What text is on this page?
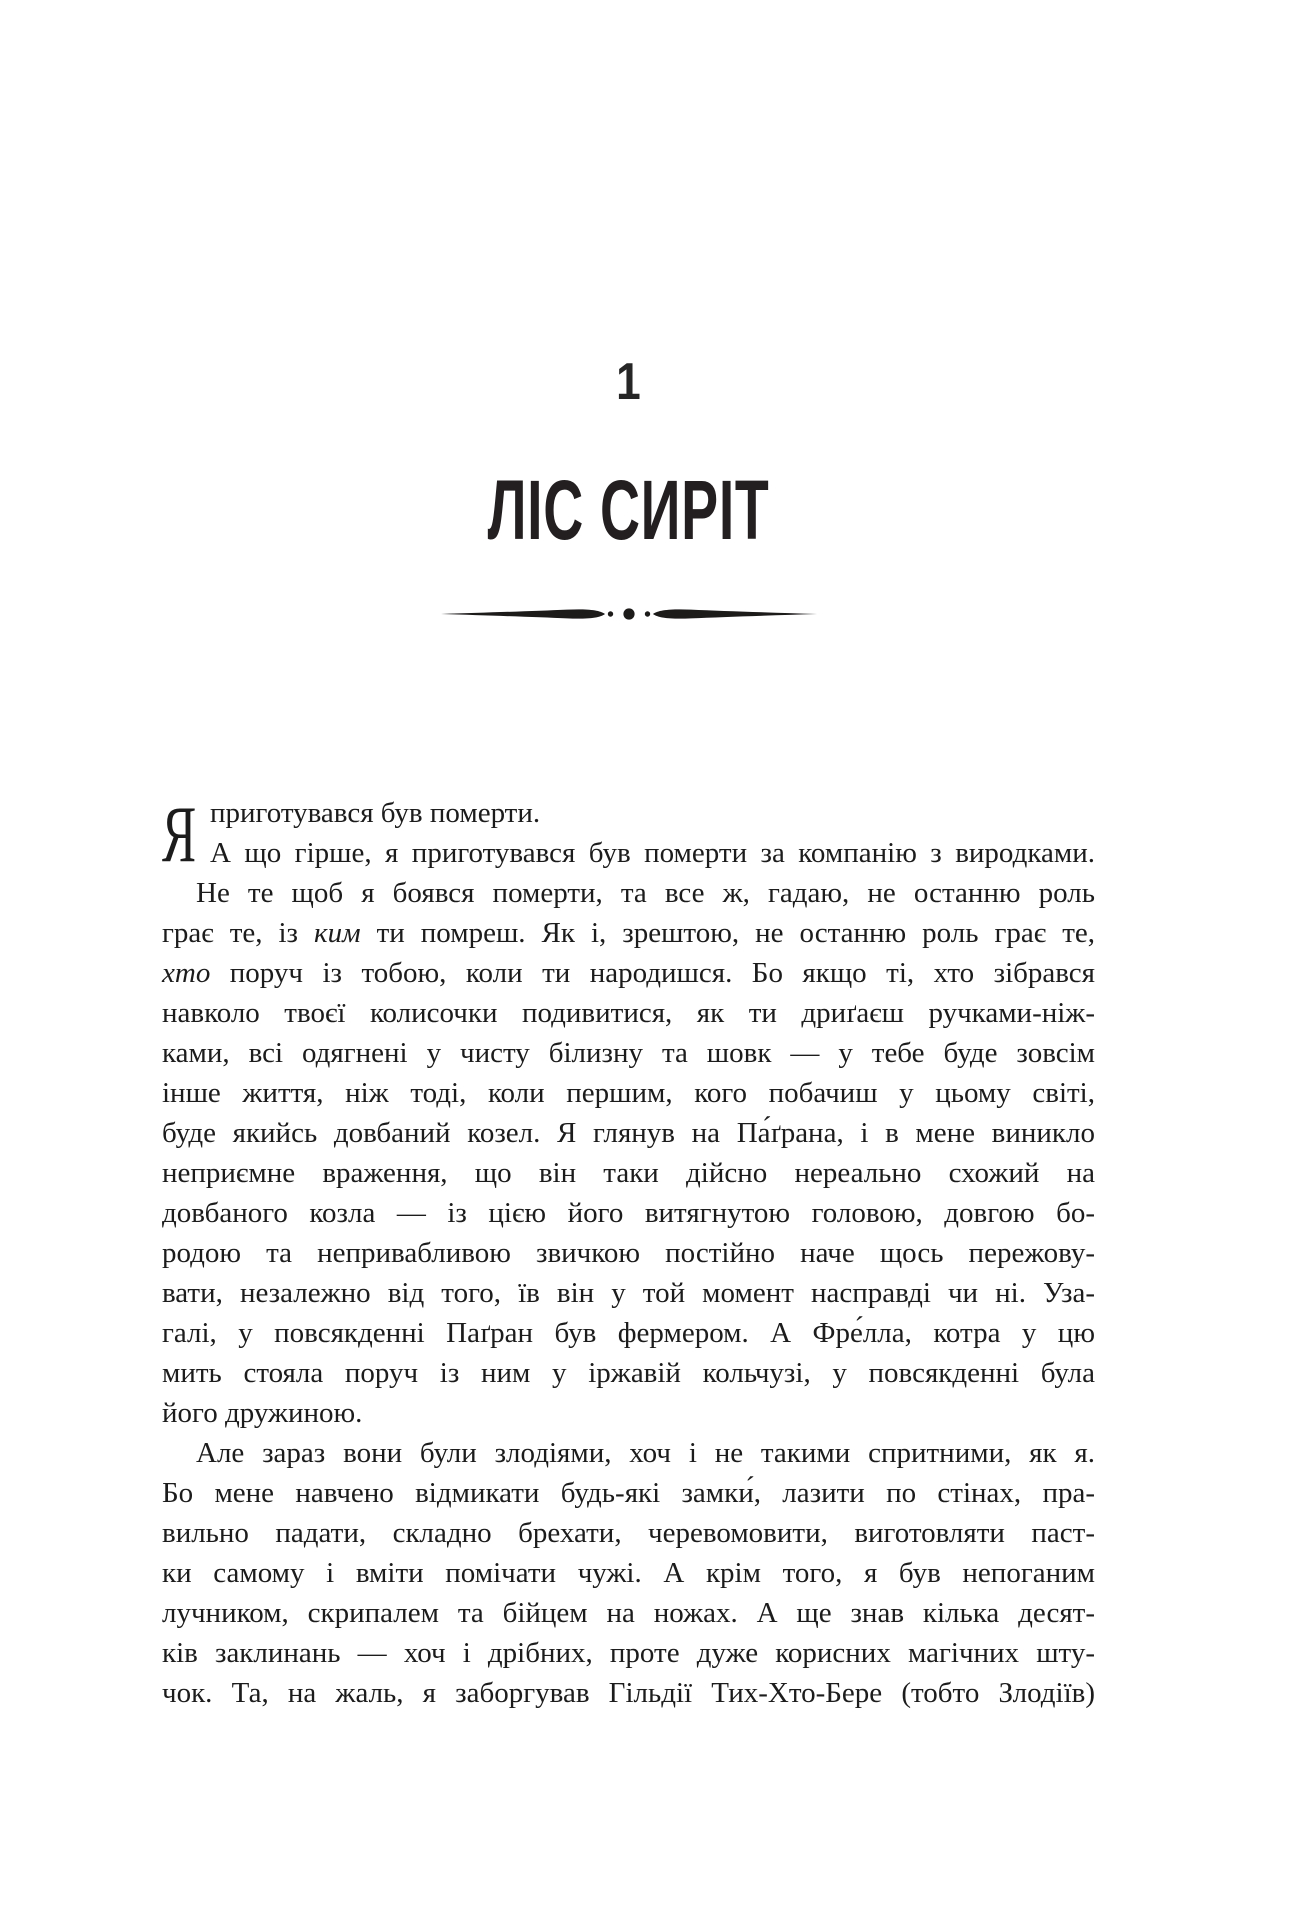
1
ЛІС СИРІТ
Я приготувався був померти.
А що гірше, я приготувався був померти за компанію з виродками.
Не те щоб я боявся померти, та все ж, гадаю, не останню роль
грає те, із ким ти помреш. Як і, зрештою, не останню роль грає те,
хто поруч із тобою, коли ти народишся. Бо якщо ті, хто зібрався
навколо твоєї колисочки подивитися, як ти дриґаєш ручками-ніж-
ками, всі одягнені у чисту білизну та шовк — у тебе буде зовсім
інше життя, ніж тоді, коли першим, кого побачиш у цьому світі,
буде якийсь довбаний козел. Я глянув на Па́ґрана, і в мене виникло
неприємне враження, що він таки дійсно нереально схожий на
довбаного козла — із цією його витягнутою головою, довгою бо-
родою та непривабливою звичкою постійно наче щось пережову-
вати, незалежно від того, їв він у той момент насправді чи ні. Уза-
галі, у повсякденні Паґран був фермером. А Фре́лла, котра у цю
мить стояла поруч із ним у іржавій кольчузі, у повсякденні була
його дружиною.
Але зараз вони були злодіями, хоч і не такими спритними, як я.
Бо мене навчено відмикати будь-які замки́, лазити по стінах, пра-
вильно падати, складно брехати, черевомовити, виготовляти паст-
ки самому і вміти помічати чужі. А крім того, я був непоганим
лучником, скрипалем та бійцем на ножах. А ще знав кілька десят-
ків заклинань — хоч і дрібних, проте дуже корисних магічних шту-
чок. Та, на жаль, я заборгував Гільдії Тих-Хто-Бере (тобто Злодіїв)
